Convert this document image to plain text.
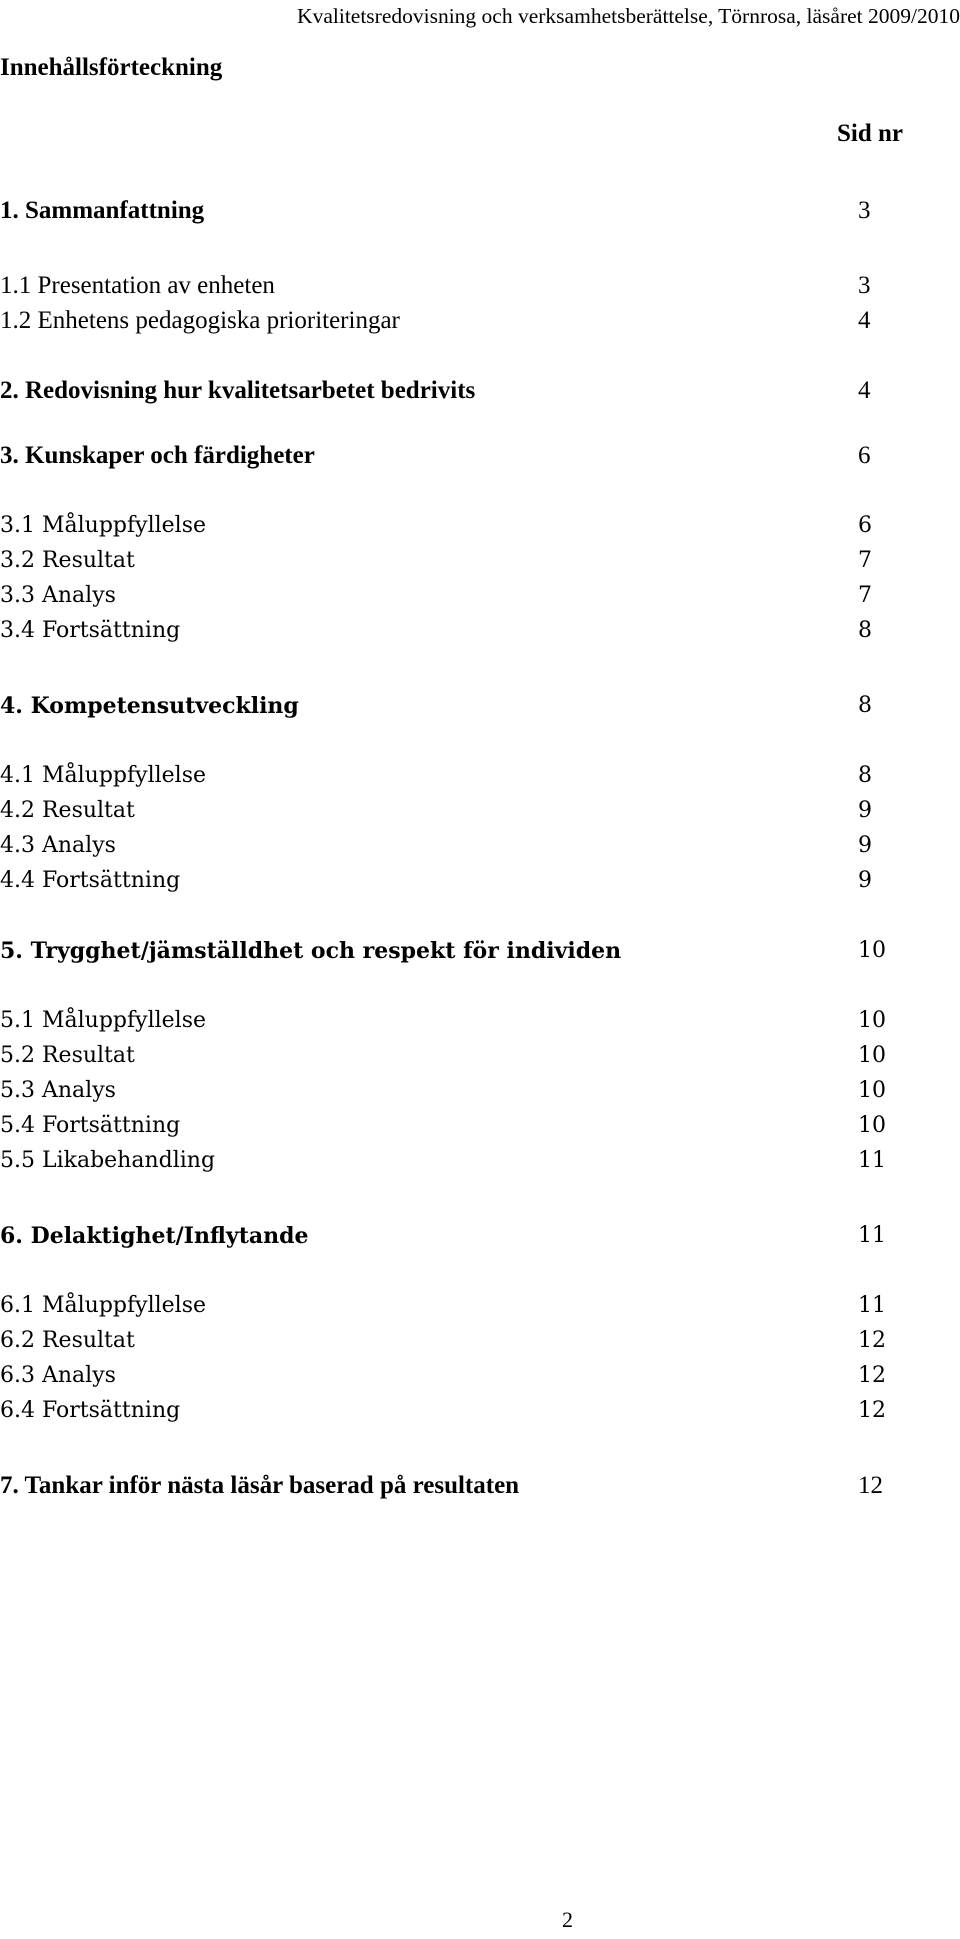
Kvalitetsredovisning och verksamhetsberättelse, Törnrosa, läsåret 2009/2010
Innehållsförteckning
Sid nr
1. Sammanfattning	3
1.1 Presentation av enheten	3
1.2 Enhetens pedagogiska prioriteringar	4
2. Redovisning hur kvalitetsarbetet bedrivits	4
3. Kunskaper och färdigheter	6
3.1 Måluppfyllelse	6
3.2 Resultat	7
3.3 Analys	7
3.4 Fortsättning	8
4. Kompetensutveckling	8
4.1 Måluppfyllelse	8
4.2 Resultat	9
4.3 Analys	9
4.4 Fortsättning	9
5. Trygghet/jämställdhet och respekt för individen	10
5.1 Måluppfyllelse	10
5.2 Resultat	10
5.3 Analys	10
5.4 Fortsättning	10
5.5 Likabehandling	11
6. Delaktighet/Inflytande	11
6.1 Måluppfyllelse	11
6.2 Resultat	12
6.3 Analys	12
6.4 Fortsättning	12
7. Tankar inför nästa läsår baserad på resultaten	12
2
